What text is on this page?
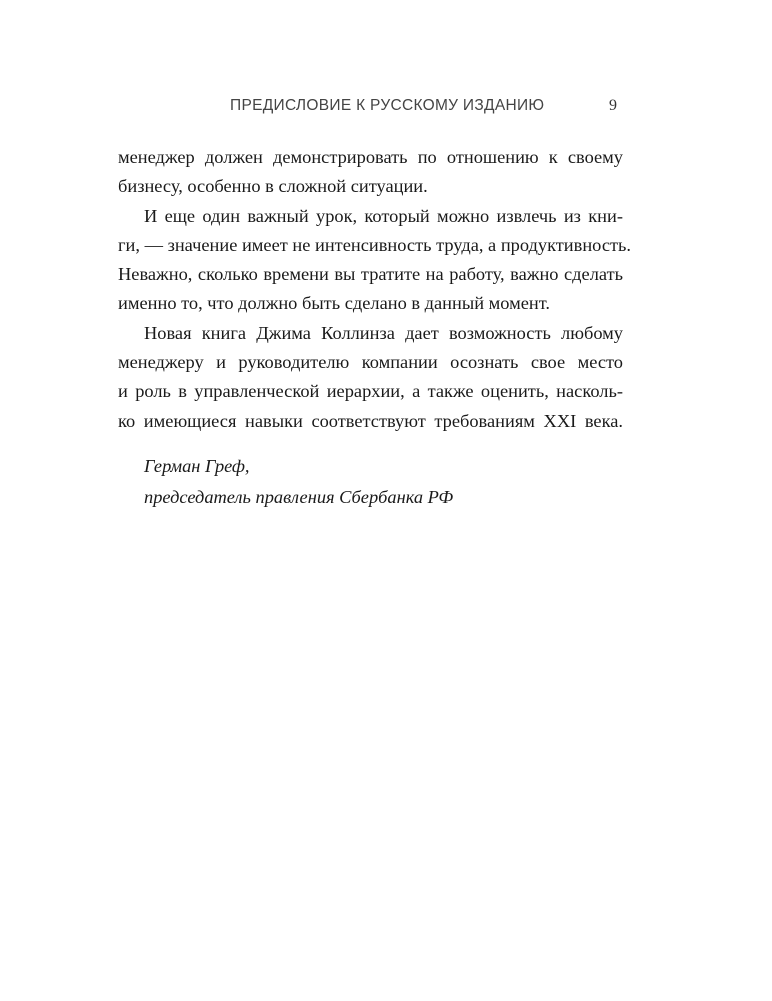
ПРЕДИСЛОВИЕ К РУССКОМУ ИЗДАНИЮ	9
менеджер должен демонстрировать по отношению к своему
бизнесу, особенно в сложной ситуации.
И еще один важный урок, который можно извлечь из кни-
ги, — значение имеет не интенсивность труда, а продуктивность.
Неважно, сколько времени вы тратите на работу, важно сделать
именно то, что должно быть сделано в данный момент.
Новая книга Джима Коллинза дает возможность любому
менеджеру и руководителю компании осознать свое место
и роль в управленческой иерархии, а также оценить, насколь-
ко имеющиеся навыки соответствуют требованиям XXI века.
Герман Греф,
председатель правления Сбербанка РФ
